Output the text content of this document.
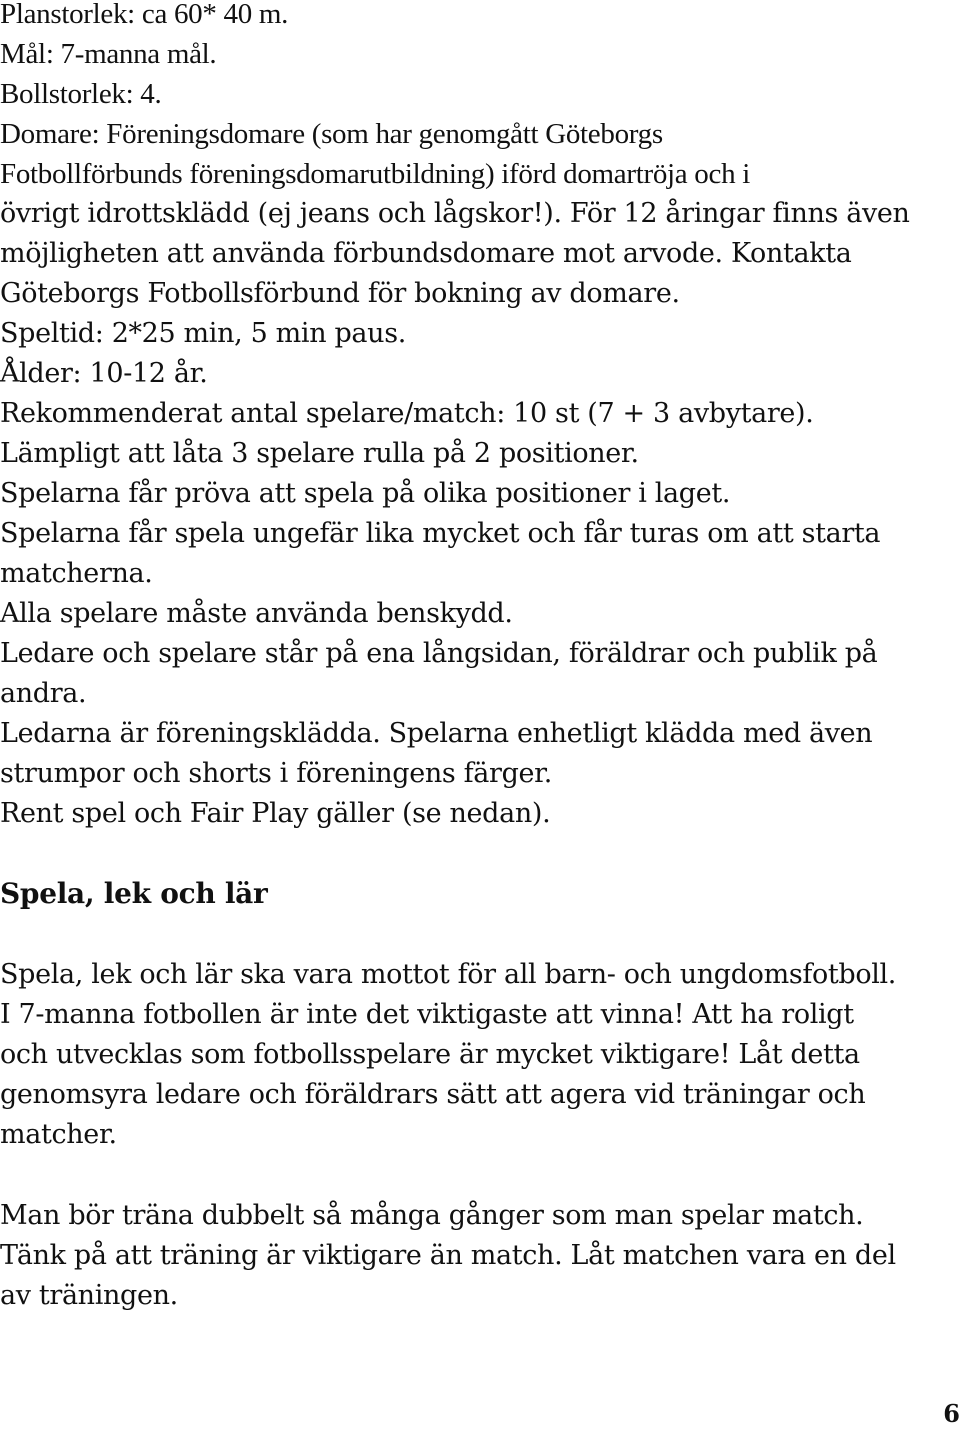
Planstorlek: ca 60* 40 m.
Mål: 7-manna mål.
Bollstorlek: 4.
Domare: Föreningsdomare (som har genomgått Göteborgs
Fotbollförbunds föreningsdomarutbildning) iförd domartröja och i
övrigt idrottsklädd (ej jeans och lågskor!). För 12 åringar finns även
möjligheten att använda förbundsdomare mot arvode. Kontakta
Göteborgs Fotbollsförbund för bokning av domare.
Speltid: 2*25 min, 5 min paus.
Ålder: 10-12 år.
Rekommenderat antal spelare/match: 10 st (7 + 3 avbytare).
Lämpligt att låta 3 spelare rulla på 2 positioner.
Spelarna får pröva att spela på olika positioner i laget.
Spelarna får spela ungefär lika mycket och får turas om att starta
matcherna.
Alla spelare måste använda benskydd.
Ledare och spelare står på ena långsidan, föräldrar och publik på
andra.
Ledarna är föreningsklädda. Spelarna enhetligt klädda med även
strumpor och shorts i föreningens färger.
Rent spel och Fair Play gäller (se nedan).
Spela, lek och lär
Spela, lek och lär ska vara mottot för all barn- och ungdomsfotboll.
I 7-manna fotbollen är inte det viktigaste att vinna! Att ha roligt
och utvecklas som fotbollsspelare är mycket viktigare! Låt detta
genomsyra ledare och föräldrars sätt att agera vid träningar och
matcher.
Man bör träna dubbelt så många gånger som man spelar match.
Tänk på att träning är viktigare än match. Låt matchen vara en del
av träningen.

6
